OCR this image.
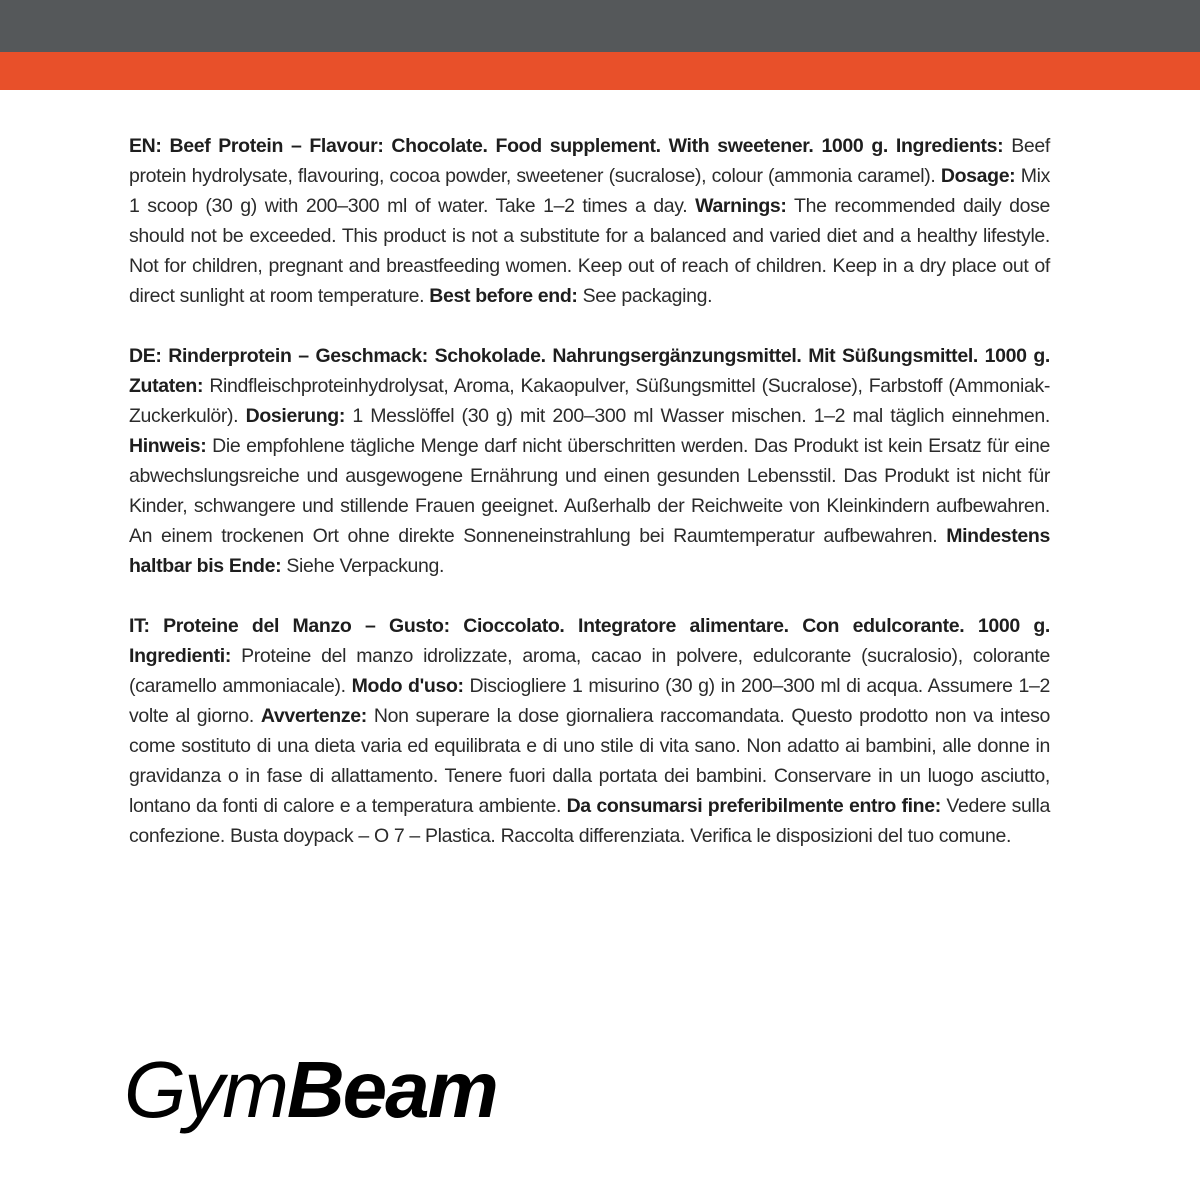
EN: Beef Protein – Flavour: Chocolate. Food supplement. With sweetener. 1000 g. Ingredients: Beef protein hydrolysate, flavouring, cocoa powder, sweetener (sucralose), colour (ammonia caramel). Dosage: Mix 1 scoop (30 g) with 200–300 ml of water. Take 1–2 times a day. Warnings: The recommended daily dose should not be exceeded. This product is not a substitute for a balanced and varied diet and a healthy lifestyle. Not for children, pregnant and breastfeeding women. Keep out of reach of children. Keep in a dry place out of direct sunlight at room temperature. Best before end: See packaging.

DE: Rinderprotein – Geschmack: Schokolade. Nahrungsergänzungsmittel. Mit Süßungsmittel. 1000 g. Zutaten: Rindfleischproteinhydrolysat, Aroma, Kakaopulver, Süßungsmittel (Sucralose), Farbstoff (Ammoniak-Zuckerkulör). Dosierung: 1 Messlöffel (30 g) mit 200–300 ml Wasser mischen. 1–2 mal täglich einnehmen. Hinweis: Die empfohlene tägliche Menge darf nicht überschritten werden. Das Produkt ist kein Ersatz für eine abwechslungsreiche und ausgewogene Ernährung und einen gesunden Lebensstil. Das Produkt ist nicht für Kinder, schwangere und stillende Frauen geeignet. Außerhalb der Reichweite von Kleinkindern aufbewahren. An einem trockenen Ort ohne direkte Sonneneinstrahlung bei Raumtemperatur aufbewahren. Mindestens haltbar bis Ende: Siehe Verpackung.

IT: Proteine del Manzo – Gusto: Cioccolato. Integratore alimentare. Con edulcorante. 1000 g. Ingredienti: Proteine del manzo idrolizzate, aroma, cacao in polvere, edulcorante (sucralosio), colorante (caramello ammoniacale). Modo d'uso: Disciogliere 1 misurino (30 g) in 200–300 ml di acqua. Assumere 1–2 volte al giorno. Avvertenze: Non superare la dose giornaliera raccomandata. Questo prodotto non va inteso come sostituto di una dieta varia ed equilibrata e di uno stile di vita sano. Non adatto ai bambini, alle donne in gravidanza o in fase di allattamento. Tenere fuori dalla portata dei bambini. Conservare in un luogo asciutto, lontano da fonti di calore e a temperatura ambiente. Da consumarsi preferibilmente entro fine: Vedere sulla confezione. Busta doypack – O 7 – Plastica. Raccolta differenziata. Verifica le disposizioni del tuo comune.

GymBeam
